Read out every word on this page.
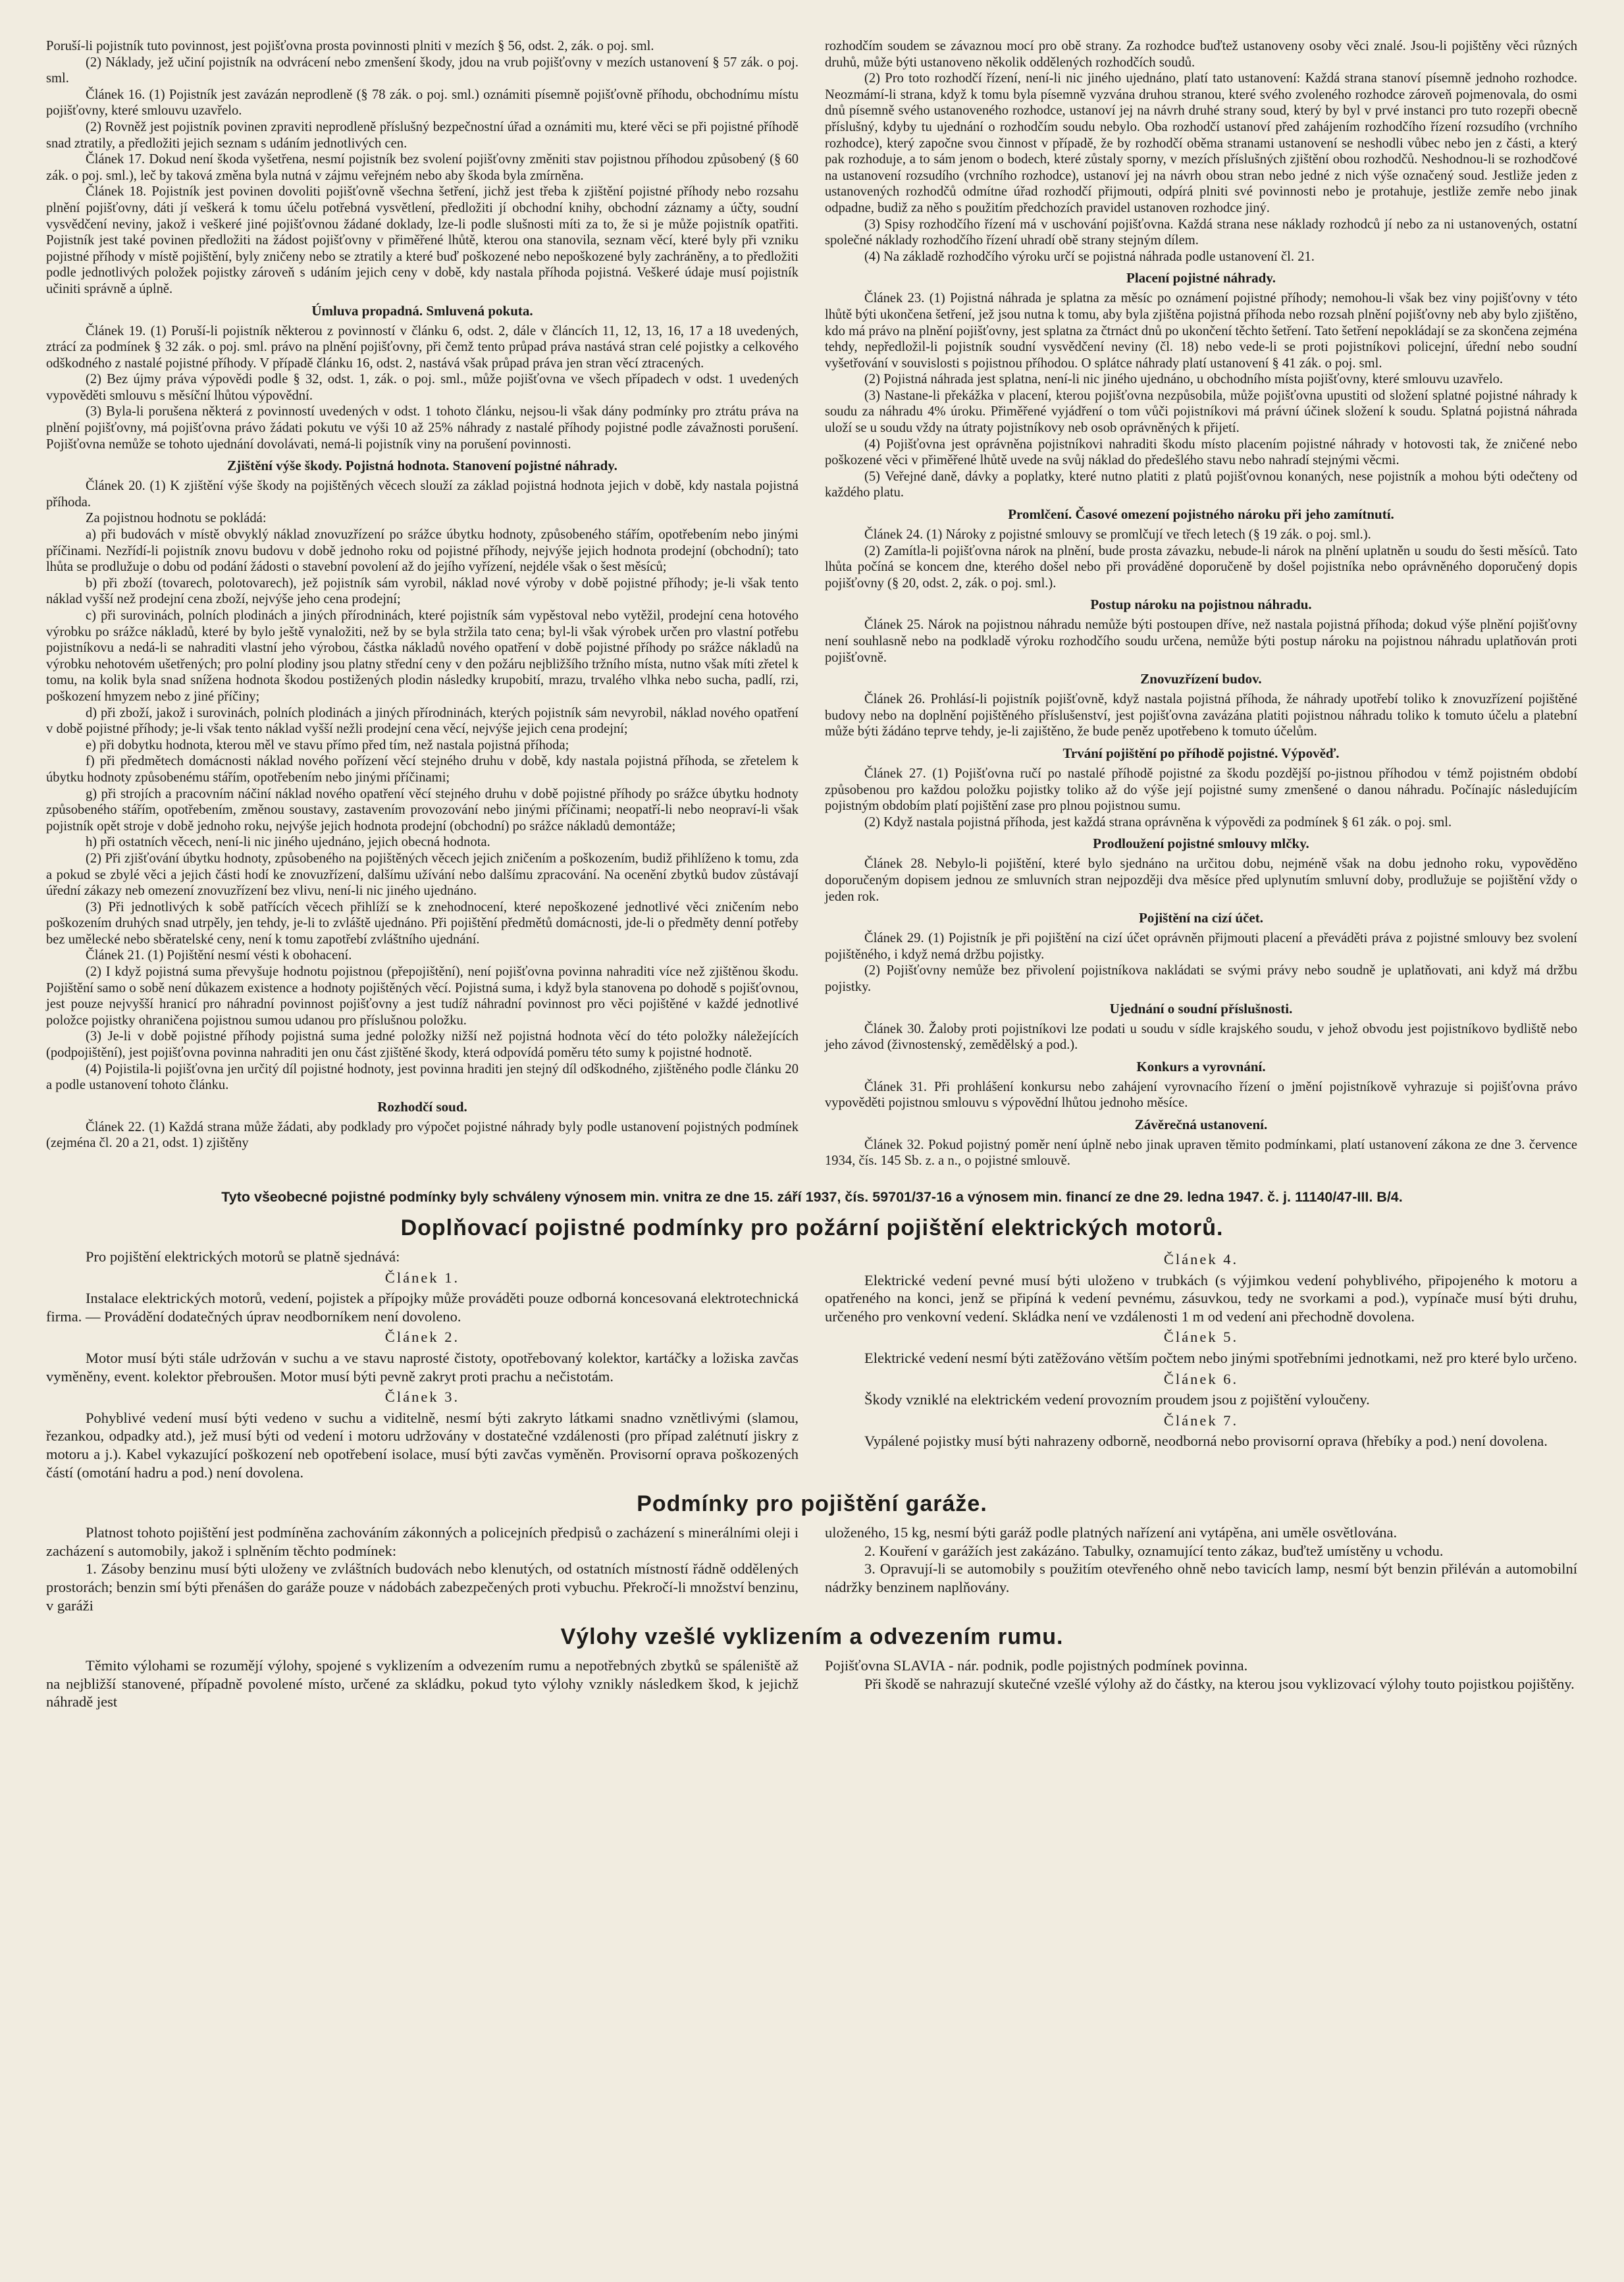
Poruší-li pojistník tuto povinnost, jest pojišťovna prosta povinnosti plniti v mezích § 56, odst. 2, zák. o poj. sml.

(2) Náklady, jež učiní pojistník na odvrácení nebo zmenšení škody, jdou na vrub pojišťovny v mezích ustanovení § 57 zák. o poj. sml.

Článek 16. (1) Pojistník jest zavázán neprodleně (§ 78 zák. o poj. sml.) oznámiti písemně pojišťovně příhodu, obchodnímu místu pojišťovny, které smlouvu uzavřelo.

(2) Rovněž jest pojistník povinen zpraviti neprodleně příslušný bezpečnostní úřad a oznámiti mu, které věci se při pojistné příhodě snad ztratily, a předložiti jejich seznam s udáním jednotlivých cen.

Článek 17. Dokud není škoda vyšetřena, nesmí pojistník bez svolení pojišťovny změniti stav pojistnou příhodou způsobený (§ 60 zák. o poj. sml.), leč by taková změna byla nutná v zájmu veřejném nebo aby škoda byla zmírněna.

Článek 18. Pojistník jest povinen dovoliti pojišťovně všechna šetření, jichž jest třeba k zjištění pojistné příhody nebo rozsahu plnění pojišťovny, dáti jí veškerá k tomu účelu potřebná vysvětlení, předložiti jí obchodní knihy, obchodní záznamy a účty, soudní vysvědčení neviny, jakož i veškeré jiné pojišťovnou žádané doklady, lze-li podle slušnosti míti za to, že si je může pojistník opatřiti. Pojistník jest také povinen předložiti na žádost pojišťovny v přiměřené lhůtě, kterou ona stanovila, seznam věcí, které byly při vzniku pojistné příhody v místě pojištění, byly zničeny nebo se ztratily a které buď poškozené nebo nepoškozené byly zachráněny, a to předložiti podle jednotlivých položek pojistky zároveň s udáním jejich ceny v době, kdy nastala příhoda pojistná. Veškeré údaje musí pojistník učiniti správně a úplně.

Úmluva propadná. Smluvená pokuta.

Článek 19. (1) Poruší-li pojistník některou z povinností v článku 6, odst. 2, dále v článcích 11, 12, 13, 16, 17 a 18 uvedených, ztrácí za podmínek § 32 zák. o poj. sml. právo na plnění pojišťovny, při čemž tento průpad práva nastává stran celé pojistky a celkového odškodného z nastalé pojistné příhody. V případě článku 16, odst. 2, nastává však průpad práva jen stran věcí ztracených.

(2) Bez újmy práva výpovědi podle § 32, odst. 1, zák. o poj. sml., může pojišťovna ve všech případech v odst. 1 uvedených vypověděti smlouvu s měsíční lhůtou výpovědní.

(3) Byla-li porušena některá z povinností uvedených v odst. 1 tohoto článku, nejsou-li však dány podmínky pro ztrátu práva na plnění pojišťovny, má pojišťovna právo žádati pokutu ve výši 10 až 25% náhrady z nastalé příhody pojistné podle závažnosti porušení. Pojišťovna nemůže se tohoto ujednání dovolávati, nemá-li pojistník viny na porušení povinnosti.

Zjištění výše škody. Pojistná hodnota. Stanovení pojistné náhrady.

Článek 20. (1) K zjištění výše škody na pojištěných věcech slouží za základ pojistná hodnota jejich v době, kdy nastala pojistná příhoda.

Za pojistnou hodnotu se pokládá:

a) při budovách v místě obvyklý náklad znovuzřízení po srážce úbytku hodnoty, způsobeného stářím, opotřebením nebo jinými příčinami. Nezřídí-li pojistník znovu budovu v době jednoho roku od pojistné příhody, nejvýše jejich hodnota prodejní (obchodní); tato lhůta se prodlužuje o dobu od podání žádosti o stavební povolení až do jejího vyřízení, nejdéle však o šest měsíců;

b) při zboží (tovarech, polotovarech), jež pojistník sám vyrobil, náklad nové výroby v době pojistné příhody; je-li však tento náklad vyšší než prodejní cena zboží, nejvýše jeho cena prodejní;

c) při surovinách, polních plodinách a jiných přírodninách, které pojistník sám vypěstoval nebo vytěžil, prodejní cena hotového výrobku po srážce nákladů, které by bylo ještě vynaložiti, než by se byla stržila tato cena; byl-li však výrobek určen pro vlastní potřebu pojistníkovu a nedá-li se nahraditi vlastní jeho výrobou, částka nákladů nového opatření v době pojistné příhody po srážce nákladů na výrobku nehotovém ušetřených; pro polní plodiny jsou platny střední ceny v den požáru nejbližšího tržního místa, nutno však míti zřetel k tomu, na kolik byla snad snížena hodnota škodou postižených plodin následky krupobití, mrazu, trvalého vlhka nebo sucha, padlí, rzi, poškození hmyzem nebo z jiné příčiny;

d) při zboží, jakož i surovinách, polních plodinách a jiných přírodninách, kterých pojistník sám nevyrobil, náklad nového opatření v době pojistné příhody; je-li však tento náklad vyšší nežli prodejní cena věcí, nejvýše jejich cena prodejní;

e) při dobytku hodnota, kterou měl ve stavu přímo před tím, než nastala pojistná příhoda;

f) při předmětech domácnosti náklad nového pořízení věcí stejného druhu v době, kdy nastala pojistná příhoda, se zřetelem k úbytku hodnoty způsobenému stářím, opotřebením nebo jinými příčinami;

g) při strojích a pracovním náčiní náklad nového opatření věcí stejného druhu v době pojistné příhody po srážce úbytku hodnoty způsobeného stářím, opotřebením, změnou soustavy, zastavením provozování nebo jinými příčinami; neopatří-li nebo neopraví-li však pojistník opět stroje v době jednoho roku, nejvýše jejich hodnota prodejní (obchodní) po srážce nákladů demontáže;

h) při ostatních věcech, není-li nic jiného ujednáno, jejich obecná hodnota.

(2) Při zjišťování úbytku hodnoty, způsobeného na pojištěných věcech jejich zničením a poškozením, budiž přihlíženo k tomu, zda a pokud se zbylé věci a jejich části hodí ke znovuzřízení, dalšímu užívání nebo dalšímu zpracování. Na ocenění zbytků budov zůstávají úřední zákazy neb omezení znovuzřízení bez vlivu, není-li nic jiného ujednáno.

(3) Při jednotlivých k sobě patřících věcech přihlíží se k znehodnocení, které nepoškozené jednotlivé věci zničením nebo poškozením druhých snad utrpěly, jen tehdy, je-li to zvláště ujednáno. Při pojištění předmětů domácnosti, jde-li o předměty denní potřeby bez umělecké nebo sběratelské ceny, není k tomu zapotřebí zvláštního ujednání.

Článek 21. (1) Pojištění nesmí vésti k obohacení.

(2) I když pojistná suma převyšuje hodnotu pojistnou (přepojištění), není pojišťovna povinna nahraditi více než zjištěnou škodu. Pojištění samo o sobě není důkazem existence a hodnoty pojištěných věcí. Pojistná suma, i když byla stanovena po dohodě s pojišťovnou, jest pouze nejvyšší hranicí pro náhradní povinnost pojišťovny a jest tudíž náhradní povinnost pro věci pojištěné v každé jednotlivé položce pojistky ohraničena pojistnou sumou udanou pro příslušnou položku.

(3) Je-li v době pojistné příhody pojistná suma jedné položky nižší než pojistná hodnota věcí do této položky náležejících (podpojištění), jest pojišťovna povinna nahraditi jen onu část zjištěné škody, která odpovídá poměru této sumy k pojistné hodnotě.

(4) Pojistila-li pojišťovna jen určitý díl pojistné hodnoty, jest povinna hraditi jen stejný díl odškodného, zjištěného podle článku 20 a podle ustanovení tohoto článku.

Rozhodčí soud.

Článek 22. (1) Každá strana může žádati, aby podklady pro výpočet pojistné náhrady byly podle ustanovení pojistných podmínek (zejména čl. 20 a 21, odst. 1) zjištěny

rozhodčím soudem se závaznou mocí pro obě strany. Za rozhodce buďtež ustanoveny osoby věci znalé. Jsou-li pojištěny věci různých druhů, může býti ustanoveno několik oddělených rozhodčích soudů.

(2) Pro toto rozhodčí řízení, není-li nic jiného ujednáno, platí tato ustanovení: Každá strana stanoví písemně jednoho rozhodce. Neozmámí-li strana, když k tomu byla písemně vyzvána druhou stranou, které svého zvoleného rozhodce zároveň pojmenovala, do osmi dnů písemně svého ustanoveného rozhodce, ustanoví jej na návrh druhé strany soud, který by byl v prvé instanci pro tuto rozepři obecně příslušný, kdyby tu ujednání o rozhodčím soudu nebylo. Oba rozhodčí ustanoví před zahájením rozhodčího řízení rozsudího (vrchního rozhodce), který započne svou činnost v případě, že by rozhodčí oběma stranami ustanovení se neshodli vůbec nebo jen z části, a který pak rozhoduje, a to sám jenom o bodech, které zůstaly sporny, v mezích příslušných zjištění obou rozhodčů. Neshodnou-li se rozhodčové na ustanovení rozsudího (vrchního rozhodce), ustanoví jej na návrh obou stran nebo jedné z nich výše označený soud. Jestliže jeden z ustanovených rozhodčů odmítne úřad rozhodčí přijmouti, odpírá plniti své povinnosti nebo je protahuje, jestliže zemře nebo jinak odpadne, budiž za něho s použitím předchozích pravidel ustanoven rozhodce jiný.

(3) Spisy rozhodčího řízení má v uschování pojišťovna. Každá strana nese náklady rozhodců jí nebo za ni ustanovených, ostatní společné náklady rozhodčího řízení uhradí obě strany stejným dílem.

(4) Na základě rozhodčího výroku určí se pojistná náhrada podle ustanovení čl. 21.

Placení pojistné náhrady.

Článek 23. (1) Pojistná náhrada je splatna za měsíc po oznámení pojistné příhody; nemohou-li však bez viny pojišťovny v této lhůtě býti ukončena šetření, jež jsou nutna k tomu, aby byla zjištěna pojistná příhoda nebo rozsah plnění pojišťovny neb aby bylo zjištěno, kdo má právo na plnění pojišťovny, jest splatna za čtrnáct dnů po ukončení těchto šetření. Tato šetření nepokládají se za skončena zejména tehdy, nepředložil-li pojistník soudní vysvědčení neviny (čl. 18) nebo vede-li se proti pojistníkovi policejní, úřední nebo soudní vyšetřování v souvislosti s pojistnou příhodou. O splátce náhrady platí ustanovení § 41 zák. o poj. sml.

(2) Pojistná náhrada jest splatna, není-li nic jiného ujednáno, u obchodního místa pojišťovny, které smlouvu uzavřelo.

(3) Nastane-li překážka v placení, kterou pojišťovna nezpůsobila, může pojišťovna upustiti od složení splatné pojistné náhrady k soudu za náhradu 4% úroku. Přiměřené vyjádření o tom vůči pojistníkovi má právní účinek složení k soudu. Splatná pojistná náhrada uloží se u soudu vždy na útraty pojistníkovy neb osob oprávněných k přijetí.

(4) Pojišťovna jest oprávněna pojistníkovi nahraditi škodu místo placením pojistné náhrady v hotovosti tak, že zničené nebo poškozené věci v přiměřené lhůtě uvede na svůj náklad do předešlého stavu nebo nahradí stejnými věcmi.

(5) Veřejné daně, dávky a poplatky, které nutno platiti z platů pojišťovnou konaných, nese pojistník a mohou býti odečteny od každého platu.

Promlčení. Časové omezení pojistného nároku při jeho zamítnutí.

Článek 24. (1) Nároky z pojistné smlouvy se promlčují ve třech letech (§ 19 zák. o poj. sml.).

(2) Zamítla-li pojišťovna nárok na plnění, bude prosta závazku, nebude-li nárok na plnění uplatněn u soudu do šesti měsíců. Tato lhůta počíná se koncem dne, kterého došel nebo při prováděné doporučeně by došel pojistníka nebo oprávněného doporučený dopis pojišťovny (§ 20, odst. 2, zák. o poj. sml.).

Postup nároku na pojistnou náhradu.

Článek 25. Nárok na pojistnou náhradu nemůže býti postoupen dříve, než nastala pojistná příhoda; dokud výše plnění pojišťovny není souhlasně nebo na podkladě výroku rozhodčího soudu určena, nemůže býti postup nároku na pojistnou náhradu uplatňován proti pojišťovně.

Znovuzřízení budov.

Článek 26. Prohlásí-li pojistník pojišťovně, když nastala pojistná příhoda, že náhrady upotřebí toliko k znovuzřízení pojištěné budovy nebo na doplnění pojištěného příslušenství, jest pojišťovna zavázána platiti pojistnou náhradu toliko k tomuto účelu a platební může býti žádáno teprve tehdy, je-li zajištěno, že bude peněz upotřebeno k tomuto účelům.

Trvání pojištění po příhodě pojistné. Výpověď.

Článek 27. (1) Pojišťovna ručí po nastalé příhodě pojistné za škodu pozdější po-jistnou příhodou v témž pojistném období způsobenou pro každou položku pojistky toliko až do výše její pojistné sumy zmenšené o danou náhradu. Počínajíc následujícím pojistným obdobím platí pojištění zase pro plnou pojistnou sumu.

(2) Když nastala pojistná příhoda, jest každá strana oprávněna k výpovědi za podmínek § 61 zák. o poj. sml.

Prodloužení pojistné smlouvy mlčky.

Článek 28. Nebylo-li pojištění, které bylo sjednáno na určitou dobu, nejméně však na dobu jednoho roku, vypověděno doporučeným dopisem jednou ze smluvních stran nejpozději dva měsíce před uplynutím smluvní doby, prodlužuje se pojištění vždy o jeden rok.

Pojištění na cizí účet.

Článek 29. (1) Pojistník je při pojištění na cizí účet oprávněn přijmouti placení a převáděti práva z pojistné smlouvy bez svolení pojištěného, i když nemá držbu pojistky.

(2) Pojišťovny nemůže bez přivolení pojistníkova nakládati se svými právy nebo soudně je uplatňovati, ani když má držbu pojistky.

Ujednání o soudní příslušnosti.

Článek 30. Žaloby proti pojistníkovi lze podati u soudu v sídle krajského soudu, v jehož obvodu jest pojistníkovo bydliště nebo jeho závod (živnostenský, zemědělský a pod.).

Konkurs a vyrovnání.

Článek 31. Při prohlášení konkursu nebo zahájení vyrovnacího řízení o jmění pojistníkově vyhrazuje si pojišťovna právo vypověděti pojistnou smlouvu s výpovědní lhůtou jednoho měsíce.

Závěrečná ustanovení.

Článek 32. Pokud pojistný poměr není úplně nebo jinak upraven těmito podmínkami, platí ustanovení zákona ze dne 3. července 1934, čís. 145 Sb. z. a n., o pojistné smlouvě.

Tyto všeobecné pojistné podmínky byly schváleny výnosem min. vnitra ze dne 15. září 1937, čís. 59701/37-16 a výnosem min. financí ze dne 29. ledna 1947. č. j. 11140/47-III. B/4.
Doplňovací pojistné podmínky pro požární pojištění elektrických motorů.

Pro pojištění elektrických motorů se platně sjednává:

Článek 1.

Instalace elektrických motorů, vedení, pojistek a přípojky může prováděti pouze odborná koncesovaná elektrotechnická firma. — Provádění dodatečných úprav neodborníkem není dovoleno.

Článek 2.

Motor musí býti stále udržován v suchu a ve stavu naprosté čistoty, opotřebovaný kolektor, kartáčky a ložiska zavčas vyměněny, event. kolektor přebroušen. Motor musí býti pevně zakryt proti prachu a nečistotám.

Článek 3.

Pohyblivé vedení musí býti vedeno v suchu a viditelně, nesmí býti zakryto látkami snadno vznětlivými (slamou, řezankou, odpadky atd.), jež musí býti od vedení i motoru udržovány v dostatečné vzdálenosti (pro případ zalétnutí jiskry z motoru a j.). Kabel vykazující poškození neb opotřebení isolace, musí býti zavčas vyměněn. Provisorní oprava poškozených částí (omotání hadru a pod.) není dovolena.

Článek 4.

Elektrické vedení pevné musí býti uloženo v trubkách (s výjimkou vedení pohyblivého, připojeného k motoru a opatřeného na konci, jenž se připíná k vedení pevnému, zásuvkou, tedy ne svorkami a pod.), vypínače musí býti druhu, určeného pro venkovní vedení. Skládka není ve vzdálenosti 1 m od vedení ani přechodně dovolena.

Článek 5.

Elektrické vedení nesmí býti zatěžováno větším počtem nebo jinými spotřebními jednotkami, než pro které bylo určeno.

Článek 6.

Škody vzniklé na elektrickém vedení provozním proudem jsou z pojištění vyloučeny.

Článek 7.

Vypálené pojistky musí býti nahrazeny odborně, neodborná nebo provisorní oprava (hřebíky a pod.) není dovolena.

Podmínky pro pojištění garáže.

Platnost tohoto pojištění jest podmíněna zachováním zákonných a policejních předpisů o zacházení s minerálními oleji i zacházení s automobily, jakož i splněním těchto podmínek:

1. Zásoby benzinu musí býti uloženy ve zvláštních budovách nebo klenutých, od ostatních místností řádně oddělených prostorách; benzin smí býti přenášen do garáže pouze v nádobách zabezpečených proti vybuchu. Překročí-li množství benzinu, v garáži

uloženého, 15 kg, nesmí býti garáž podle platných nařízení ani vytápěna, ani uměle osvětlována.

2. Kouření v garážích jest zakázáno. Tabulky, oznamující tento zákaz, buďtež umístěny u vchodu.

3. Opravují-li se automobily s použitím otevřeného ohně nebo tavicích lamp, nesmí být benzin přiléván a automobilní nádržky benzinem naplňovány.

Výlohy vzešlé vyklizením a odvezením rumu.

Těmito výlohami se rozumějí výlohy, spojené s vyklizením a odvezením rumu a nepotřebných zbytků se spáleniště až na nejbližší stanovené, případně povolené místo, určené za skládku, pokud tyto výlohy vznikly následkem škod, k jejichž náhradě jest

Pojišťovna SLAVIA - nár. podnik, podle pojistných podmínek povinna.

Při škodě se nahrazují skutečné vzešlé výlohy až do částky, na kterou jsou vyklizovací výlohy touto pojistkou pojištěny.
